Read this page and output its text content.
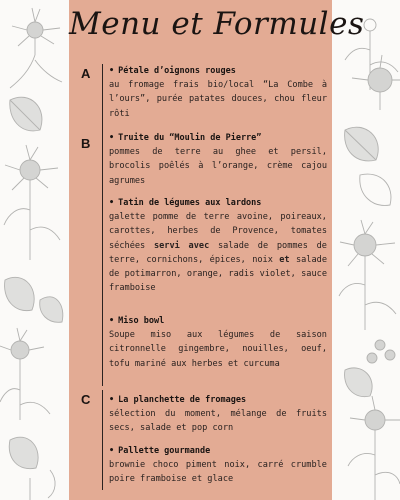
Menu et Formules
A
B
C
• Pétale d’oignons rouges
au fromage frais bio/local “La Combe à l’ours”, purée patates douces, chou fleur rôti
• Truite du “Moulin de Pierre”
pommes de terre au ghee et persil, brocolis poêlés à l’orange, crème cajou agrumes
• Tatin de légumes aux lardons
galette pomme de terre avoine, poireaux, carottes, herbes de Provence, tomates séchées servi avec salade de pommes de terre, cornichons, épices, noix et salade de potimarron, orange, radis violet, sauce framboise
• Miso bowl
Soupe miso aux légumes de saison citronnelle gingembre, nouilles, oeuf, tofu mariné aux herbes et curcuma
• La planchette de fromages
sélection du moment, mélange de fruits secs, salade et pop corn
• Pallette gourmande
brownie choco piment noix, carré crumble poire framboise et glace
